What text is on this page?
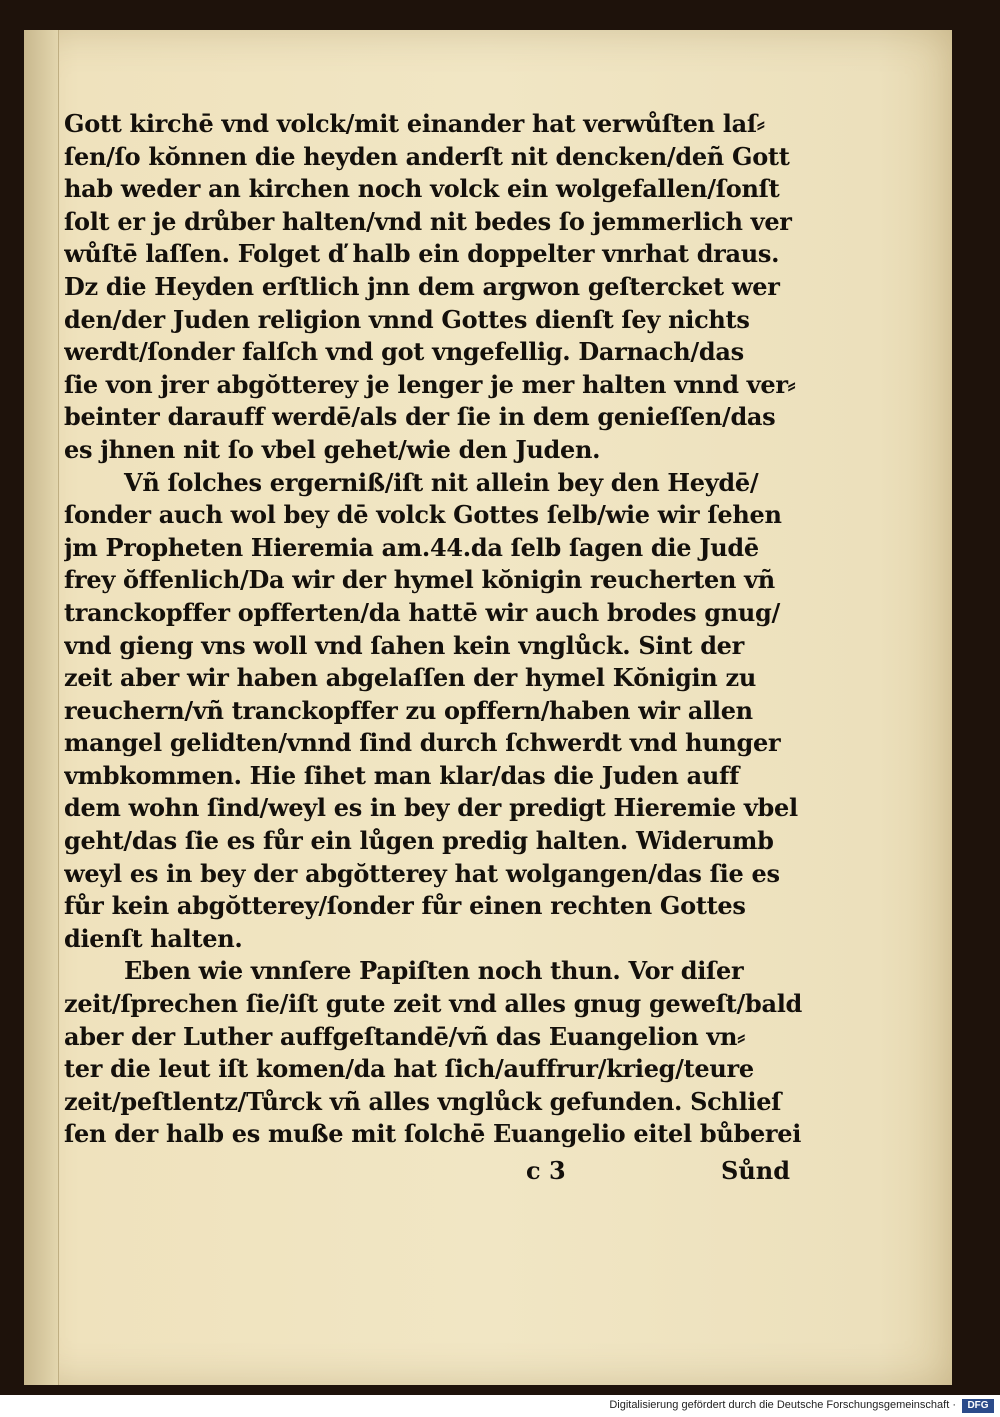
Gott kirchē vnd volck/mit einander hat verwůſten laſ⸗
ſen/ſo kŏnnen die heyden anderſt nit dencken/deñ Gott
hab weder an kirchen noch volck ein wolgefallen/ſonſt
ſolt er je drůber halten/vnd nit bedes ſo jemmerlich ver
wůſtē laſſen. Folget ď halb ein doppelter vnrhat draus.
Dz die Heyden erſtlich jnn dem argwon geſtercket wer
den/der Juden religion vnnd Gottes dienſt ſey nichts
werdt/ſonder falſch vnd got vngefellig. Darnach/das
ſie von jrer abgŏtterey je lenger je mer halten vnnd ver⸗
beinter darauff werdē/als der ſie in dem genieſſen/das
es jhnen nit ſo vbel gehet/wie den Juden.
Vñ ſolches ergerniß/iſt nit allein bey den Heydē/
ſonder auch wol bey dē volck Gottes ſelb/wie wir ſehen
jm Propheten Hieremia am.44.da ſelb ſagen die Judē
frey ŏffenlich/Da wir der hymel kŏnigin reucherten vñ
tranckopffer opfferten/da hattē wir auch brodes gnug/
vnd gieng vns woll vnd ſahen kein vnglůck. Sint der
zeit aber wir haben abgelaſſen der hymel Kŏnigin zu
reuchern/vñ tranckopffer zu opffern/haben wir allen
mangel gelidten/vnnd ſind durch ſchwerdt vnd hunger
vmbkommen. Hie ſihet man klar/das die Juden auff
dem wohn ſind/weyl es in bey der predigt Hieremie vbel
geht/das ſie es fůr ein lůgen predig halten. Widerumb
weyl es in bey der abgŏtterey hat wolgangen/das ſie es
fůr kein abgŏtterey/ſonder fůr einen rechten Gottes
dienſt halten.
Eben wie vnnſere Papiſten noch thun. Vor diſer
zeit/ſprechen ſie/iſt gute zeit vnd alles gnug geweſt/bald
aber der Luther auffgeſtandē/vñ das Euangelion vn⸗
ter die leut iſt komen/da hat ſich/auffrur/krieg/teure
zeit/peſtlentz/Tůrck vñ alles vnglůck gefunden. Schlieſ
ſen der halb es muße mit ſolchē Euangelio eitel bůberei
c 3	Sůnd
Digitalisierung gefördert durch die Deutsche Forschungsgemeinschaft ·	DFG
